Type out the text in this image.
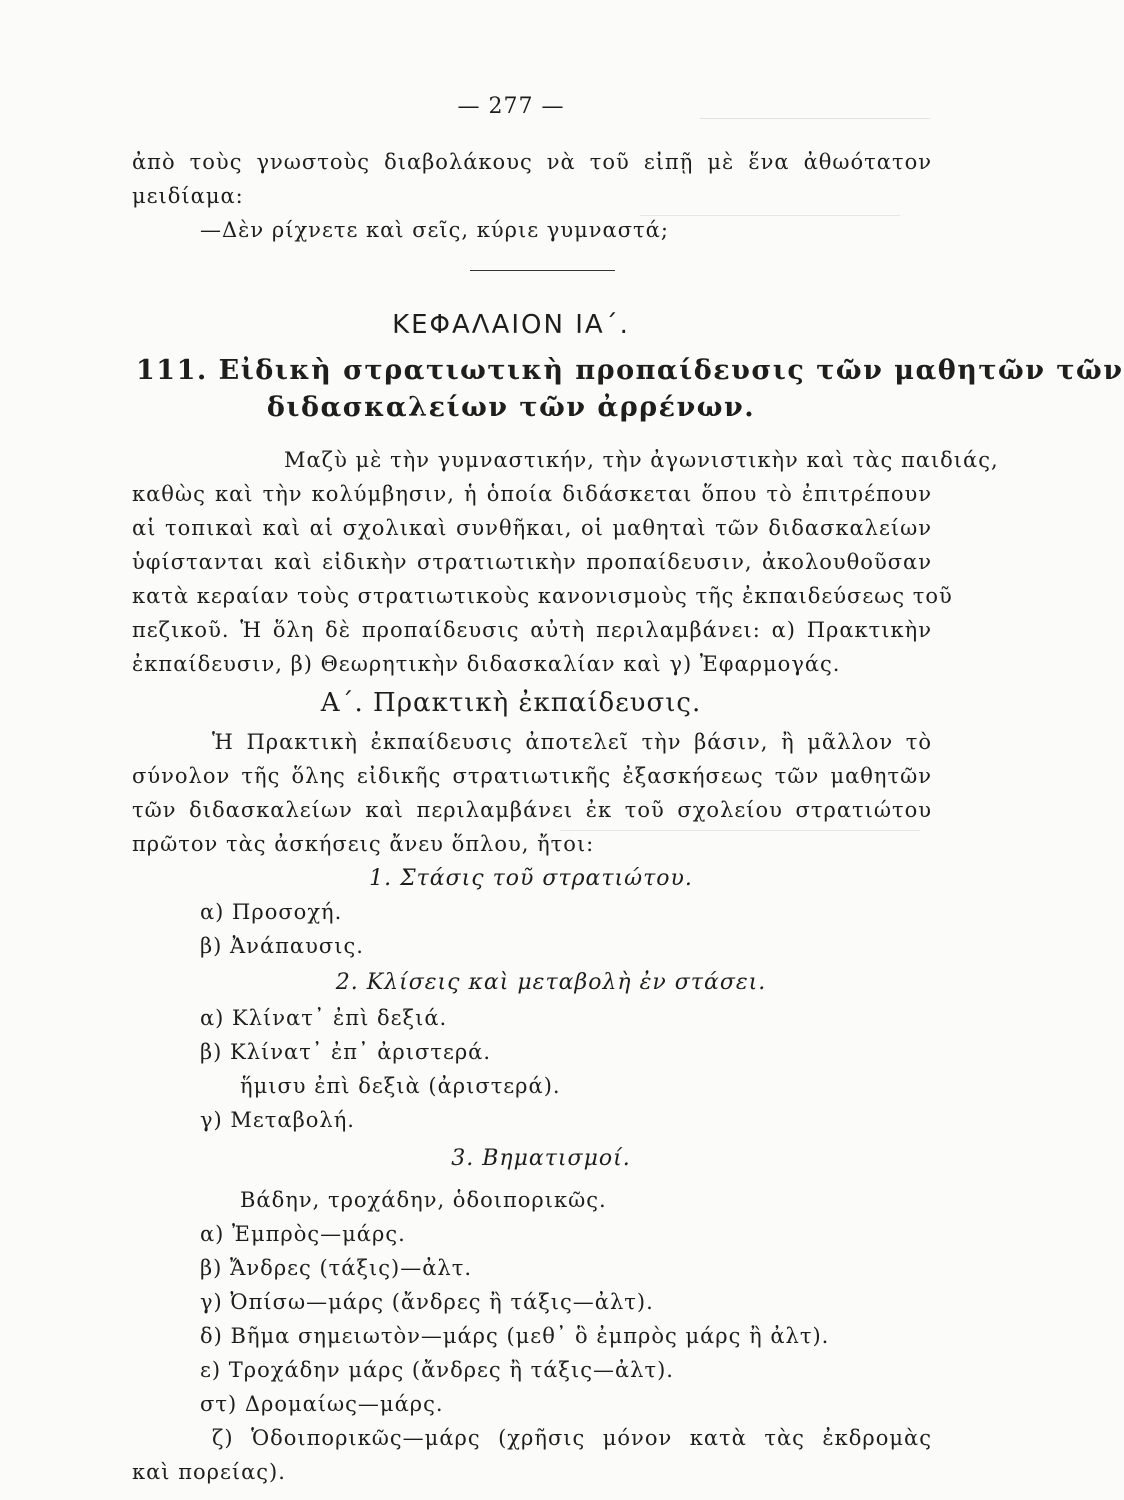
— 277 —
ἀπὸ τοὺς γνωστοὺς διαβολάκους νὰ τοῦ εἰπῇ μὲ ἕνα ἀθωότατον
μειδίαμα:
—Δὲν ρίχνετε καὶ σεῖς, κύριε γυμναστά;
ΚΕΦΑΛΑΙΟΝ ΙΑ΄.
111. Εἰδικὴ στρατιωτικὴ προπαίδευσις τῶν μαθητῶν τῶν
διδασκαλείων τῶν ἀρρένων.
Μαζὺ μὲ τὴν γυμναστικήν, τὴν ἀγωνιστικὴν καὶ τὰς παιδιάς,
καθὼς καὶ τὴν κολύμβησιν, ἡ ὁποία διδάσκεται ὅπου τὸ ἐπιτρέπουν
αἱ τοπικαὶ καὶ αἱ σχολικαὶ συνθῆκαι, οἱ μαθηταὶ τῶν διδασκαλείων
ὑφίστανται καὶ εἰδικὴν στρατιωτικὴν προπαίδευσιν, ἀκολουθοῦσαν
κατὰ κεραίαν τοὺς στρατιωτικοὺς κανονισμοὺς τῆς ἐκπαιδεύσεως τοῦ
πεζικοῦ. Ἡ ὅλη δὲ προπαίδευσις αὐτὴ περιλαμβάνει: α) Πρακτικὴν
ἐκπαίδευσιν, β) Θεωρητικὴν διδασκαλίαν καὶ γ) Ἐφαρμογάς.
Α΄. Πρακτικὴ ἐκπαίδευσις.
Ἡ Πρακτικὴ ἐκπαίδευσις ἀποτελεῖ τὴν βάσιν, ἢ μᾶλλον τὸ
σύνολον τῆς ὅλης εἰδικῆς στρατιωτικῆς ἐξασκήσεως τῶν μαθητῶν
τῶν διδασκαλείων καὶ περιλαμβάνει ἐκ τοῦ σχολείου στρατιώτου
πρῶτον τὰς ἀσκήσεις ἄνευ ὅπλου, ἤτοι:
1. Στάσις τοῦ στρατιώτου.
α) Προσοχή.
β) Ἀνάπαυσις.
2. Κλίσεις καὶ μεταβολὴ ἐν στάσει.
α) Κλίνατ᾿ ἐπὶ δεξιά.
β) Κλίνατ᾿ ἐπ᾿ ἀριστερά.
ἥμισυ ἐπὶ δεξιὰ (ἀριστερά).
γ) Μεταβολή.
3. Βηματισμοί.
Βάδην, τροχάδην, ὁδοιπορικῶς.
α) Ἐμπρὸς—μάρς.
β) Ἄνδρες (τάξις)—ἀλτ.
γ) Ὀπίσω—μάρς (ἄνδρες ἢ τάξις—ἀλτ).
δ) Βῆμα σημειωτὸν—μάρς (μεθ᾿ ὃ ἐμπρὸς μάρς ἢ ἀλτ).
ε) Τροχάδην μάρς (ἄνδρες ἢ τάξις—ἀλτ).
στ) Δρομαίως—μάρς.
ζ) Ὁδοιπορικῶς—μάρς (χρῆσις μόνον κατὰ τὰς ἐκδρομὰς
καὶ πορείας).
